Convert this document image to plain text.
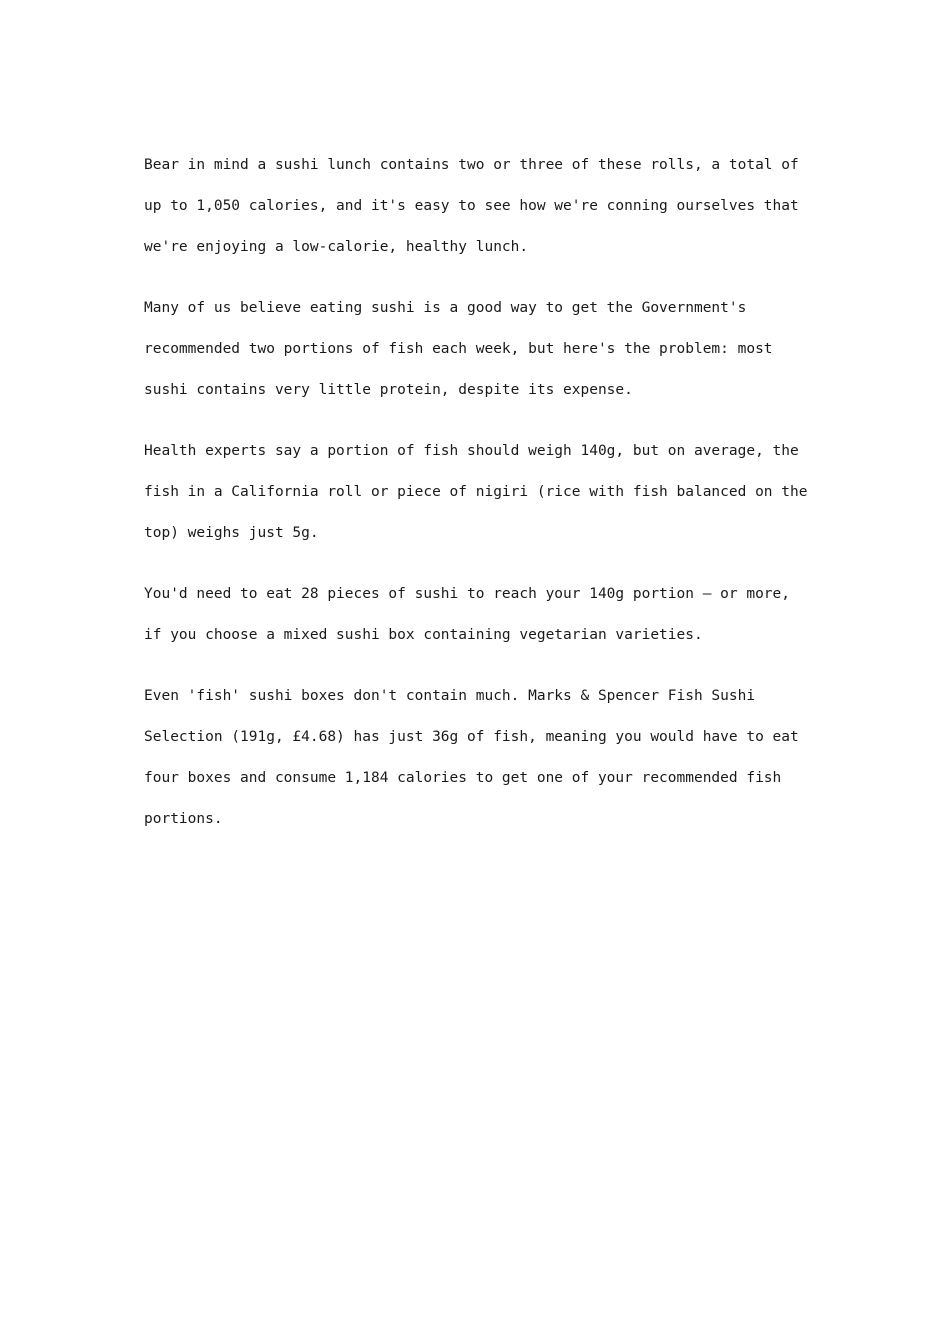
Bear in mind a sushi lunch contains two or three of these rolls, a total of up to 1,050 calories, and it's easy to see how we're conning ourselves that we're enjoying a low-calorie, healthy lunch.

Many of us believe eating sushi is a good way to get the Government's recommended two portions of fish each week, but here's the problem: most sushi contains very little protein, despite its expense.

Health experts say a portion of fish should weigh 140g, but on average, the fish in a California roll or piece of nigiri (rice with fish balanced on the top) weighs just 5g.

You'd need to eat 28 pieces of sushi to reach your 140g portion — or more, if you choose a mixed sushi box containing vegetarian varieties.

Even 'fish' sushi boxes don't contain much. Marks & Spencer Fish Sushi Selection (191g, £4.68) has just 36g of fish, meaning you would have to eat four boxes and consume 1,184 calories to get one of your recommended fish portions.
